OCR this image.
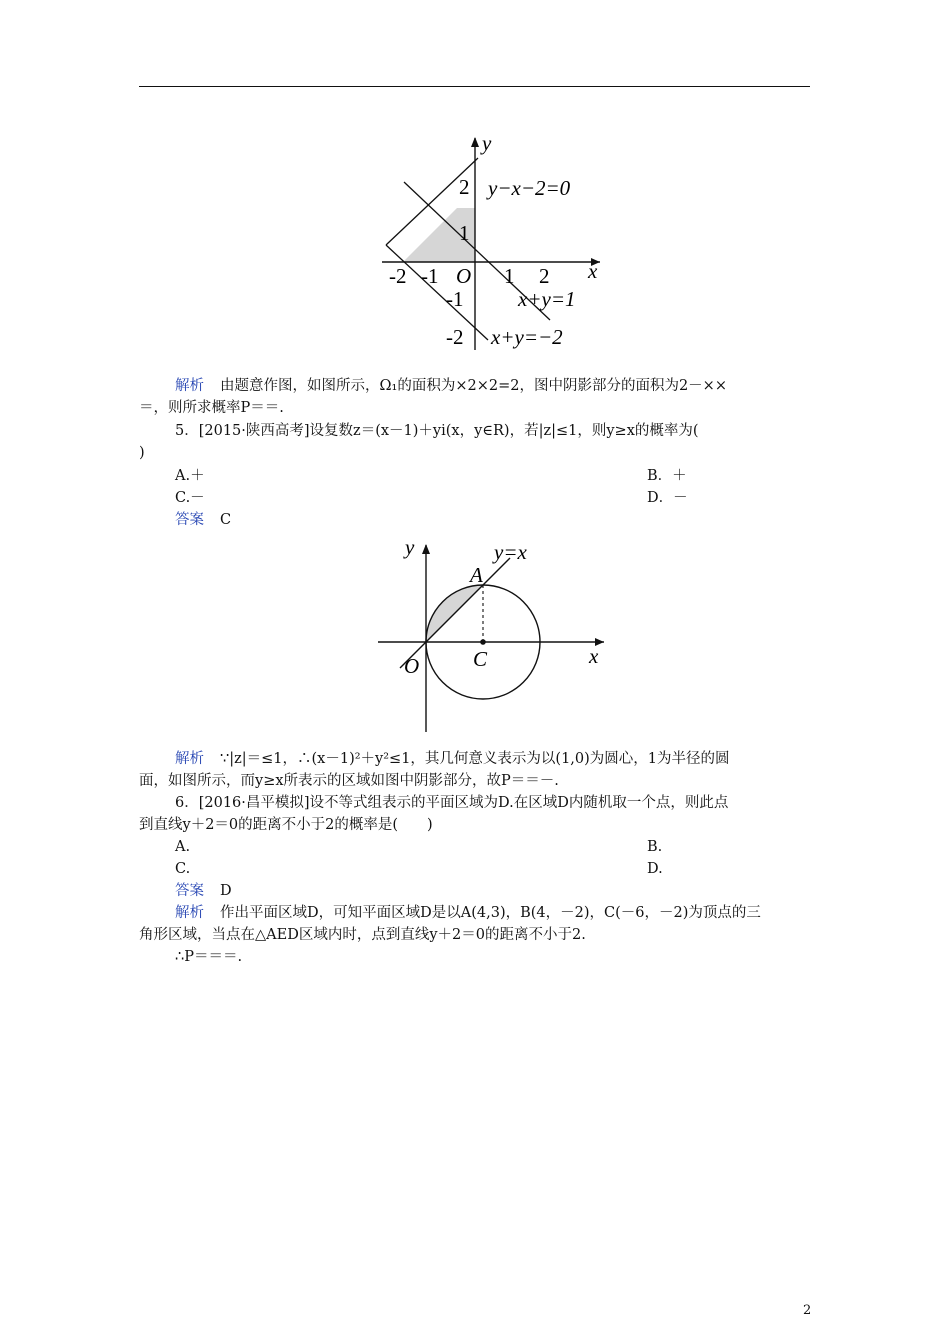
y
x
O
-2 -1	1 2
2
1
-1
-2
y−x−2=0
x+y=1
x+y=−2
解析 由题意作图，如图所示，Ω₁的面积为×2×2=2，图中阴影部分的面积为2－××
＝，则所求概率P＝＝.
5．[2015·陕西高考]设复数z＝(x－1)＋yi(x，y∈R)，若|z|≤1，则y≥x的概率为(
)
A.＋	B．＋
C.－	D．－
答案 C
y
x
O
A
C
y=x
解析 ∵|z|＝≤1，∴(x－1)²＋y²≤1，其几何意义表示为以(1,0)为圆心，1为半径的圆
面，如图所示，而y≥x所表示的区域如图中阴影部分，故P＝＝－.
6．[2016·昌平模拟]设不等式组表示的平面区域为D.在区域D内随机取一个点，则此点
到直线y＋2＝0的距离不小于2的概率是(　　)
A.	B.
C.	D.
答案 D
解析 作出平面区域D，可知平面区域D是以A(4,3)，B(4，－2)，C(－6，－2)为顶点的三
角形区域，当点在△AED区域内时，点到直线y＋2＝0的距离不小于2.
∴P＝＝＝.
2
